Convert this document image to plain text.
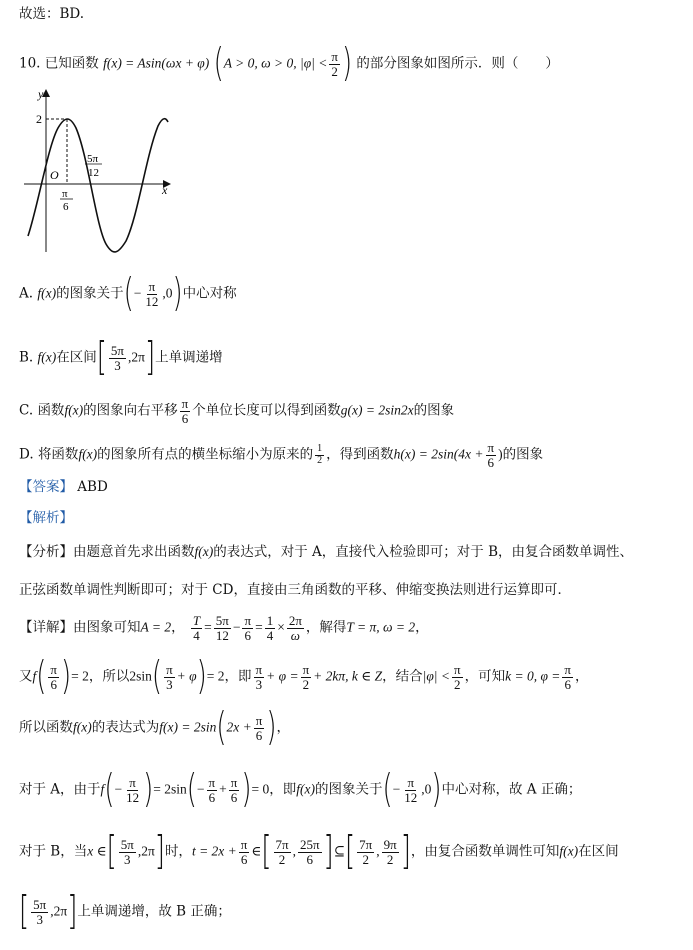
故选：BD.
10. 已知函数 f(x) = Asin(ωx + φ) (A > 0, ω > 0, $|\varphi| < \frac{\pi}{2}$ ) 的部分图象如图所示．则（　　）
y
x
O
2
π
6
5π
12
A. f(x)的图象关于(− $\frac{\pi}{12} ,0$)中心对称
B. f(x)在区间[ $\frac{5\pi}{3} ,2\pi$]上单调递增
C. 函数f(x)的图象向右平移 $\frac{\pi}{6}$ 个单位长度可以得到函数g(x) = 2sin2x的图象
D. 将函数f(x)的图象所有点的横坐标缩小为原来的 $\frac{1}{2}$ ，得到函数$h(x) = 2\sin(4x + \frac{\pi}{6}$ )的图象
【答案】 ABD
【解析】
【分析】由题意首先求出函数f(x)的表达式，对于 A，直接代入检验即可；对于 B，由复合函数单调性、
正弦函数单调性判断即可；对于 CD，直接由三角函数的平移、伸缩变换法则进行运算即可．
【详解】由图象可知A = 2， $\frac{T}{4} = \frac{5\pi}{12} - \frac{\pi}{6} = \frac{1}{4} \times \frac{2\pi}{\omega}$ ，解得T = π, ω = 2，
又$f( \frac{\pi}{6}$ )= 2，所以$2\sin( \frac{\pi}{3} + \varphi)= 2$，即 $\frac{\pi}{3} + \varphi = \frac{\pi}{2} + 2k\pi$, k ∈ Z，结合$|\varphi| < \frac{\pi}{2}$ ，可知k = 0, $\varphi = \frac{\pi}{6}$ ，
所以函数f(x)的表达式为$f(x) = 2\sin(2x + \frac{\pi}{6}$ )，
对于 A，由于$f(- \frac{\pi}{12}$ )= $2\sin(- \frac{\pi}{6} + \frac{\pi}{6}$ )= 0，即f(x)的图象关于(− $\frac{\pi}{12} ,0$)中心对称，故 A 正确；
对于 B，当x ∈[ $\frac{5\pi}{3} ,2\pi$]时，$t = 2x + \frac{\pi}{6}$ ∈[ $\frac{7\pi}{2}$ , $\frac{25\pi}{6}$ ]⊆[ $\frac{7\pi}{2}$ , $\frac{9\pi}{2}$ ]，由复合函数单调性可知f(x)在区间
[ $\frac{5\pi}{3} ,2\pi$]上单调递增，故 B 正确；
